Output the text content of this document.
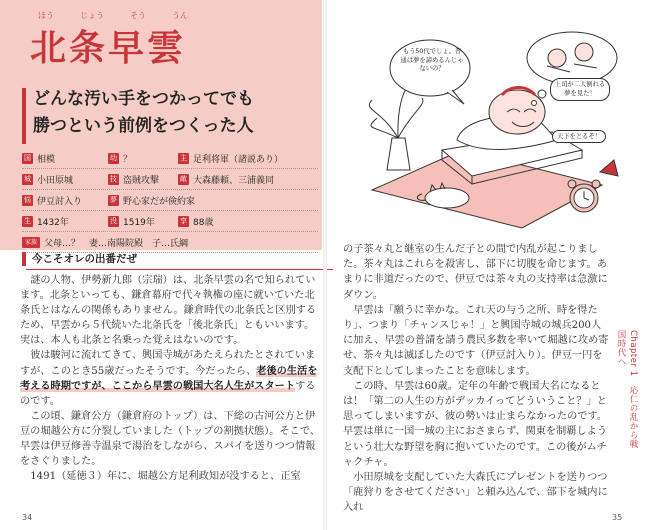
ほう	じょう	そう	うん
北条早雲
どんな汚い手をつかってでも
勝つという前例をつくった人
国 相模	幼 ？	主 足利将軍（諸説あり）
城 小田原城	技 盗賊攻撃	敵 大森藤頼、三浦義同
悩 伊豆討入り	夢 野心家だが倹約家
生 1432年	没 1519年	享 88歳
家族 父母…？　妻…南陽院殿　子…氏綱
今こそオレの出番だぜ

謎の人物、伊勢新九郎（宗瑞）は、北条早雲の名で知られています。北条といっても、鎌倉幕府で代々執権の座に就いていた北条氏とはなんの関係もありません。鎌倉時代の北条氏と区別するため、早雲から５代続いた北条氏を「後北条氏」ともいいます。実は、本人も北条と名乗った覚えはないのです。

彼は駿河に流れてきて、興国寺城があたえられたとされていますが、このとき55歳だったそうです。今だったら、老後の生活を考える時期ですが、ここから早雲の戦国大名人生がスタートするのです。

この頃、鎌倉公方（鎌倉府のトップ）は、下総の古河公方と伊豆の堀越公方に分裂していました（トップの割拠状態）。そこで、早雲は伊豆修善寺温泉で湯治をしながら、スパイを送りつつ情報をさぐりました。

1491（延徳３）年に、堀越公方足利政知が没すると、正室

34
もう50代でしょ。普通は夢を諦めるんじゃないの？
上司が二人倒れる夢を見た！
天下をとるぞ！

の子茶々丸と継室の生んだ子との間で内乱が起こりました。茶々丸はこれらを殺害し、部下に切腹を命じます。あまりに非道だったので、伊豆では茶々丸の支持率は急激にダウン。

早雲は「願うに幸かな。これ天の与う之所、時を得たり」、つまり「チャンスじゃ！」と興国寺城の城兵200人に加え、早雲の普請を請う農民多数を率いて堀越に攻め寄せ、茶々丸は滅ぼしたのです（伊豆討入り）。伊豆一円を支配下としてしまったことを意味します。

この時、早雲は60歳。定年の年齢で戦国大名になるとは！「第二の人生の方がデッカイってどういうこと？」と思ってしまいますが、彼の勢いは止まらなかったのです。早雲は単に一国一城の主におさまらず、関東を制覇しようという壮大な野望を胸に抱いていたのです。この後がムチャクチャ。

小田原城を支配していた大森氏にプレゼントを送りつつ「鹿狩りをさせてください」と頼み込んで、部下を城内に入れ

Chapter 1　応仁の乱から戦国時代へ
35
